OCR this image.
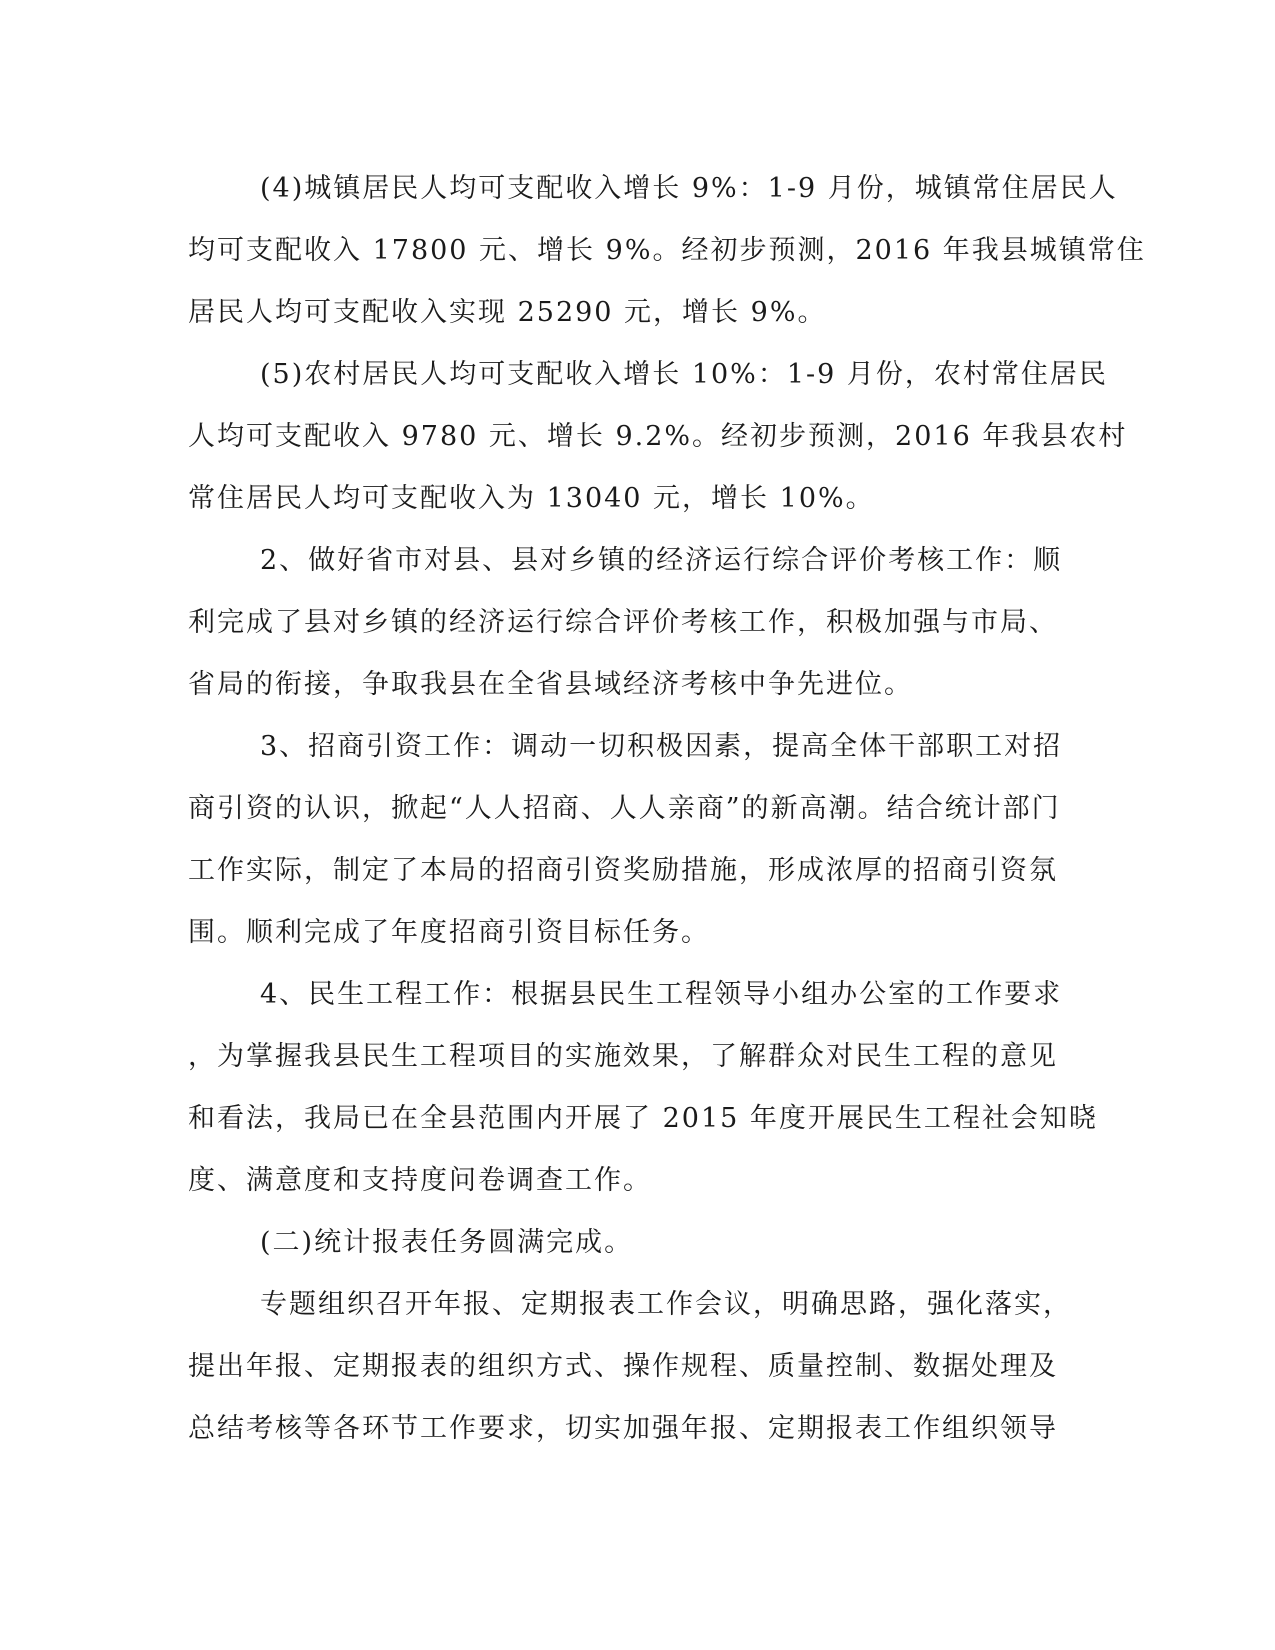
(4)城镇居民人均可支配收入增长 9%：1-9 月份，城镇常住居民人
均可支配收入 17800 元、增长 9%。经初步预测，2016 年我县城镇常住
居民人均可支配收入实现 25290 元，增长 9%。
(5)农村居民人均可支配收入增长 10%：1-9 月份，农村常住居民
人均可支配收入 9780 元、增长 9.2%。经初步预测，2016 年我县农村
常住居民人均可支配收入为 13040 元，增长 10%。
2、做好省市对县、县对乡镇的经济运行综合评价考核工作：顺
利完成了县对乡镇的经济运行综合评价考核工作，积极加强与市局、
省局的衔接，争取我县在全省县域经济考核中争先进位。
3、招商引资工作：调动一切积极因素，提高全体干部职工对招
商引资的认识，掀起“人人招商、人人亲商”的新高潮。结合统计部门
工作实际，制定了本局的招商引资奖励措施，形成浓厚的招商引资氛
围。顺利完成了年度招商引资目标任务。
4、民生工程工作：根据县民生工程领导小组办公室的工作要求
，为掌握我县民生工程项目的实施效果，了解群众对民生工程的意见
和看法，我局已在全县范围内开展了 2015 年度开展民生工程社会知晓
度、满意度和支持度问卷调查工作。
(二)统计报表任务圆满完成。
专题组织召开年报、定期报表工作会议，明确思路，强化落实，
提出年报、定期报表的组织方式、操作规程、质量控制、数据处理及
总结考核等各环节工作要求，切实加强年报、定期报表工作组织领导
